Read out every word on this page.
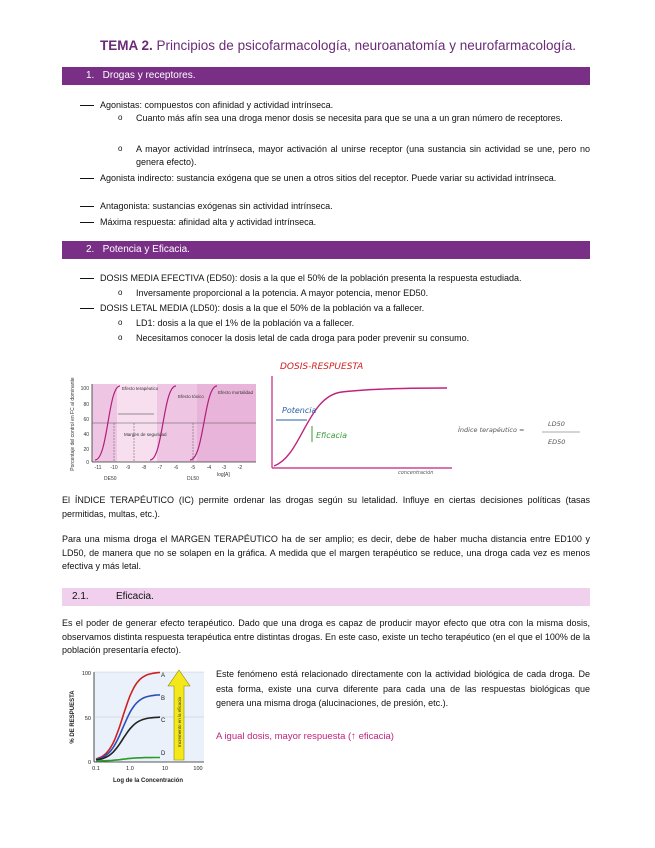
TEMA 2. Principios de psicofarmacología, neuroanatomía y neurofarmacología.
1.   Drogas y receptores.
Agonistas: compuestos con afinidad y actividad intrínseca.
o Cuanto más afín sea una droga menor dosis se necesita para que se una a un gran número de receptores.
o A mayor actividad intrínseca, mayor activación al unirse receptor (una sustancia sin actividad se une, pero no genera efecto).
Agonista indirecto: sustancia exógena que se unen a otros sitios del receptor. Puede variar su actividad intrínseca.
Antagonista: sustancias exógenas sin actividad intrínseca.
Máxima respuesta: afinidad alta y actividad intrínseca.
2.   Potencia y Eficacia.
DOSIS MEDIA EFECTIVA (ED50): dosis a la que el 50% de la población presenta la respuesta estudiada.
o Inversamente proporcional a la potencia. A mayor potencia, menor ED50.
DOSIS LETAL MEDIA (LD50): dosis a la que el 50% de la población va a fallecer.
o LD1: dosis a la que el 1% de la población va a fallecer.
o Necesitamos conocer la dosis letal de cada droga para poder prevenir su consumo.
Porcentaje del control en FC al dominante 100
80
60
40
20
0
-11 -10 -9 -8 -7 -6	-5 -4 -3 -2
log[A]
DE50	DL50
Efecto terapéutico
Efecto tóxico
Efecto mortalidad
Margen de seguridad
DOSIS-RESPUESTA
Potencia
Eficacia
concentración
Índice terapéutico =
LD50
ED50
El ÍNDICE TERAPÉUTICO (IC) permite ordenar las drogas según su letalidad. Influye en ciertas decisiones políticas (tasas permitidas, multas, etc.).
Para una misma droga el MARGEN TERAPÉUTICO ha de ser amplio; es decir, debe de haber mucha distancia entre ED100 y LD50, de manera que no se solapen en la gráfica. A medida que el margen terapéutico se reduce, una droga cada vez es menos efectiva y más letal.
2.1.	Eficacia.
Es el poder de generar efecto terapéutico. Dado que una droga es capaz de producir mayor efecto que otra con la misma dosis, observamos distinta respuesta terapéutica entre distintas drogas. En este caso, existe un techo terapéutico (en el que el 100% de la población presentaría efecto).
Este fenómeno está relacionado directamente con la actividad biológica de cada droga. De esta forma, existe una curva diferente para cada una de las respuestas biológicas que genera una misma droga (alucinaciones, de presión, etc.).
A igual dosis, mayor respuesta (↑ eficacia)
A
B
C
D
Incremento en la eficacia
100
50
0
0.1	1.0	10	100
Log de la Concentración
% DE RESPUESTA
